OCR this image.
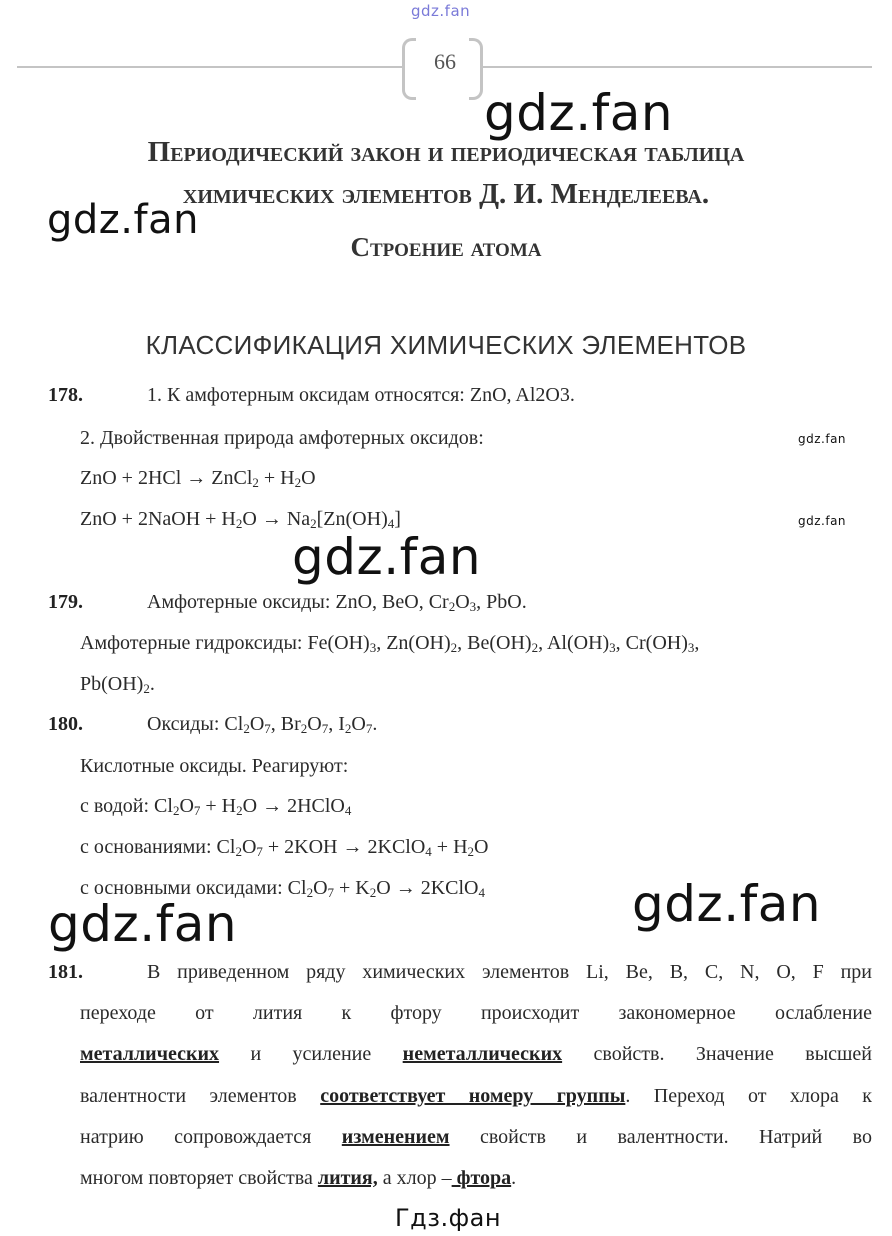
gdz.fan
gdz.fan
gdz.fan
gdz.fan
gdz.fan
gdz.fan
gdz.fan	gdz.fan
66
Периодический закон и периодическая таблица
химических элементов Д. И. Менделеева.
Строение атома
КЛАССИФИКАЦИЯ ХИМИЧЕСКИХ ЭЛЕМЕНТОВ
178.	1. К амфотерным оксидам относятся: ZnO, Al2O3.
2. Двойственная природа амфотерных оксидов:
ZnO + 2HCl → ZnCl$_2$ + $H_2O$
ZnO + 2NaOH + $H_2O \to Na_2[Zn(OH)_4]$
179.	Амфотерные оксиды: ZnO, BeO, $Cr_2O_3$, PbO.
Амфотерные гидроксиды: $Fe(OH)_3$, $Zn(OH)_2$, $Be(OH)_2$, $Al(OH)_3$, $Cr(OH)_3$,
$Pb(OH)_2$.
180.	Оксиды: $Cl_2O_7$, $Br_2O_7$, $I_2O_7$.
Кислотные оксиды. Реагируют:
с водой: $Cl_2O_7 + H_2O$ → 2HClO$_4$
с основаниями: $Cl_2O_7 + 2KOH$ → 2KClO$_4$ + $H_2O$
с основными оксидами: $Cl_2O_7 + K_2O$ → 2KClO$_4$
181.	В приведенном ряду химических элементов Li, Be, B, C, N, O, F при
переходе от лития к фтору происходит закономерное ослабление
металлических и усиление неметаллических свойств. Значение высшей
валентности элементов соответствует номеру группы. Переход от хлора к
натрию сопровождается изменением свойств и валентности. Натрий во
многом повторяет свойства лития, а хлор – фтора.
Гдз.фан
